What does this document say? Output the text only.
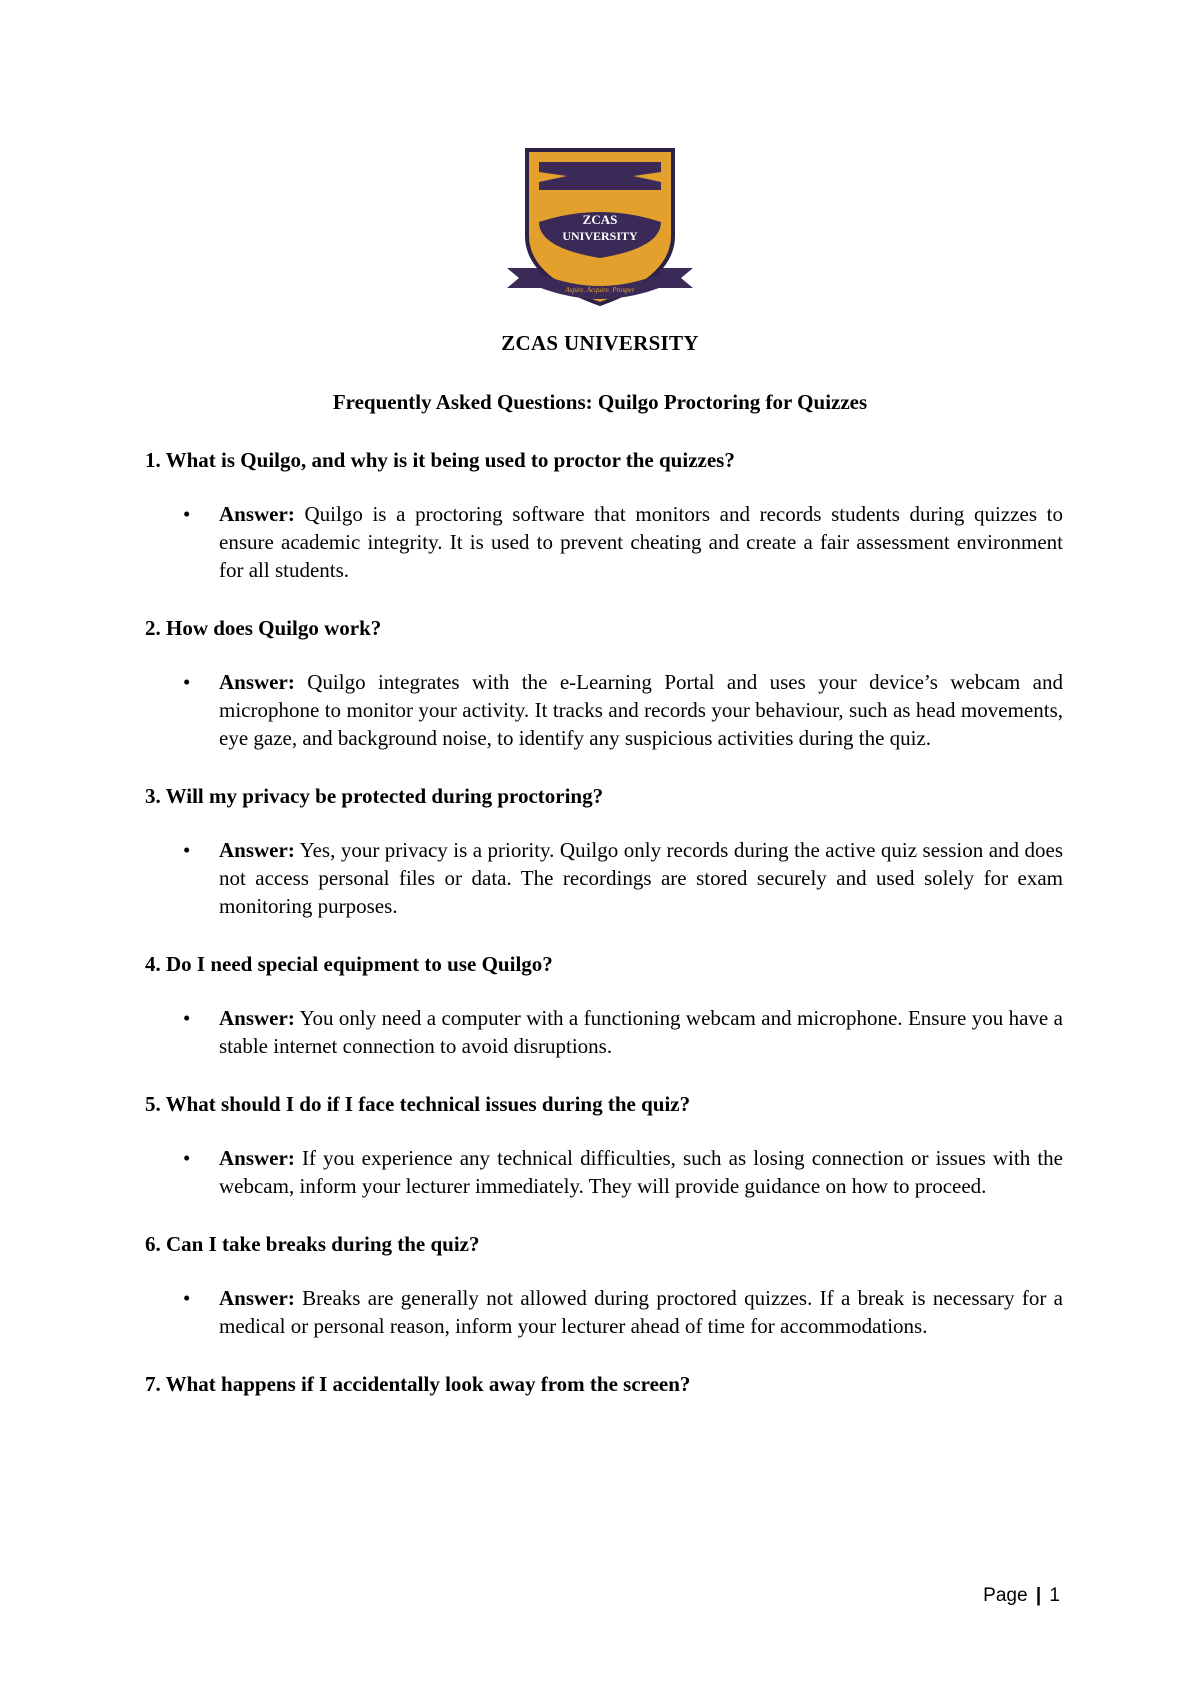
ZCAS
UNIVERSITY
Aspire. Acquire. Prosper
ZCAS UNIVERSITY
Frequently Asked Questions: Quilgo Proctoring for Quizzes

1. What is Quilgo, and why is it being used to proctor the quizzes?

• Answer: Quilgo is a proctoring software that monitors and records students during quizzes to ensure academic integrity. It is used to prevent cheating and create a fair assessment environment for all students.

2. How does Quilgo work?

• Answer: Quilgo integrates with the e-Learning Portal and uses your device’s webcam and microphone to monitor your activity. It tracks and records your behaviour, such as head movements, eye gaze, and background noise, to identify any suspicious activities during the quiz.

3. Will my privacy be protected during proctoring?

• Answer: Yes, your privacy is a priority. Quilgo only records during the active quiz session and does not access personal files or data. The recordings are stored securely and used solely for exam monitoring purposes.

4. Do I need special equipment to use Quilgo?

• Answer: You only need a computer with a functioning webcam and microphone. Ensure you have a stable internet connection to avoid disruptions.

5. What should I do if I face technical issues during the quiz?

• Answer: If you experience any technical difficulties, such as losing connection or issues with the webcam, inform your lecturer immediately. They will provide guidance on how to proceed.

6. Can I take breaks during the quiz?

• Answer: Breaks are generally not allowed during proctored quizzes. If a break is necessary for a medical or personal reason, inform your lecturer ahead of time for accommodations.

7. What happens if I accidentally look away from the screen?

Page | 1
